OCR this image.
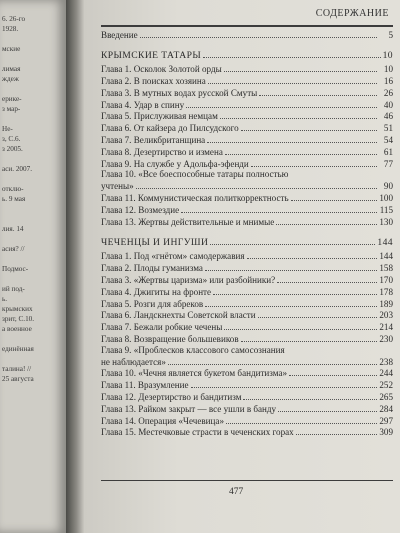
6. 26-го
1928.

мские

лимая
ждеж

ерике-
з мар-

Не-
з, С.6.
з 2005.

аси. 2007.

отклю-
ь. 9 мая

лия. 14

асия? //

Подмос-

ий под-
ь.
крымских
зрит, С.10.
а военное

единённая

талина! //
25 августа
СОДЕРЖАНИЕ
Введение	5
КРЫМСКИЕ ТАТАРЫ	10
Глава 1. Осколок Золотой орды	10
Глава 2. В поисках хозяина	16
Глава 3. В мутных водах русской Смуты	26
Глава 4. Удар в спину	40
Глава 5. Прислуживая немцам	46
Глава 6. От кайзера до Пилсудского	51
Глава 7. Великбританщина	54
Глава 8. Дезертирство и измена	61
Глава 9. На службе у Адольфа-эфенди	77
Глава 10. «Все боеспособные татары полностью
учтены»	90
Глава 11. Коммунистическая политкорректность	100
Глава 12. Возмездие	115
Глава 13. Жертвы действительные и мнимые	130
ЧЕЧЕНЦЫ И ИНГУШИ	144
Глава 1. Под «гнётом» самодержавия	144
Глава 2. Плоды гуманизма	158
Глава 3. «Жертвы царизма» или разбойники?	170
Глава 4. Джигиты на фронте	178
Глава 5. Розги для абреков	189
Глава 6. Ландскнехты Советской власти	203
Глава 7. Бежали робкие чечены	214
Глава 8. Возвращение большевиков	230
Глава 9. «Проблесков классового самосознания
не наблюдается»	238
Глава 10. «Чечня является букетом бандитизма»	244
Глава 11. Вразумление	252
Глава 12. Дезертирство и бандитизм	265
Глава 13. Райком закрыт — все ушли в банду	284
Глава 14. Операция «Чечевица»	297
Глава 15. Местечковые страсти в чеченских горах	309
477
